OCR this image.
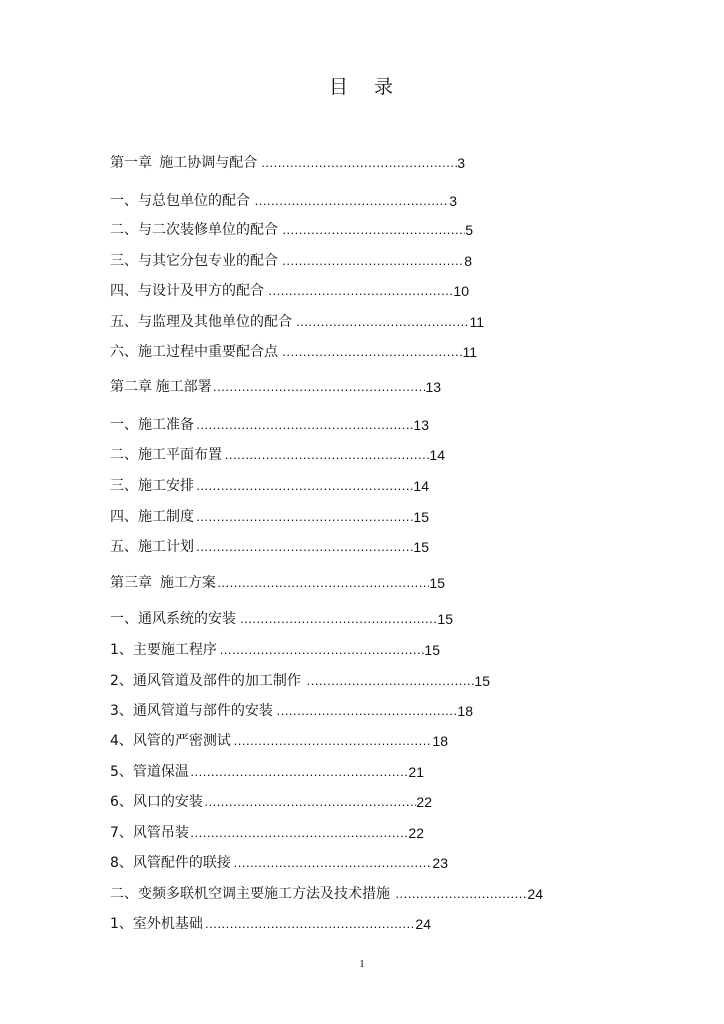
目 录
第一章 施工协调与配合 .....	3
一、 与总包单位的配合 .....	3
二、 与二次装修单位的配合 .....	5
三、 与其它分包专业的配合 .....	8
四、 与设计及甲方的配合 .....	10
五、 与监理及其他单位的配合 .....	11
六、 施工过程中重要配合点 .....	11
第二章 施工部署 .....	13
一、 施工准备 .....	13
二、 施工平面布置 .....	14
三、 施工安排 .....	14
四、 施工制度 .....	15
五、 施工计划 .....	15
第三章 施工方案 .....	15
一、 通风系统的安装 .....	15
1、 主要施工程序 .....	15
2、 通风管道及部件的加工制作 .....	15
3、 通风管道与部件的安装 .....	18
4、 风管的严密测试 .....	18
5、 管道保温 .....	21
6、 风口的安装 .....	22
7、 风管吊装 .....	22
8、 风管配件的联接 .....	23
二、 变频多联机空调主要施工方法及技术措施 .....	24
1、 室外机基础 .....	24
1
